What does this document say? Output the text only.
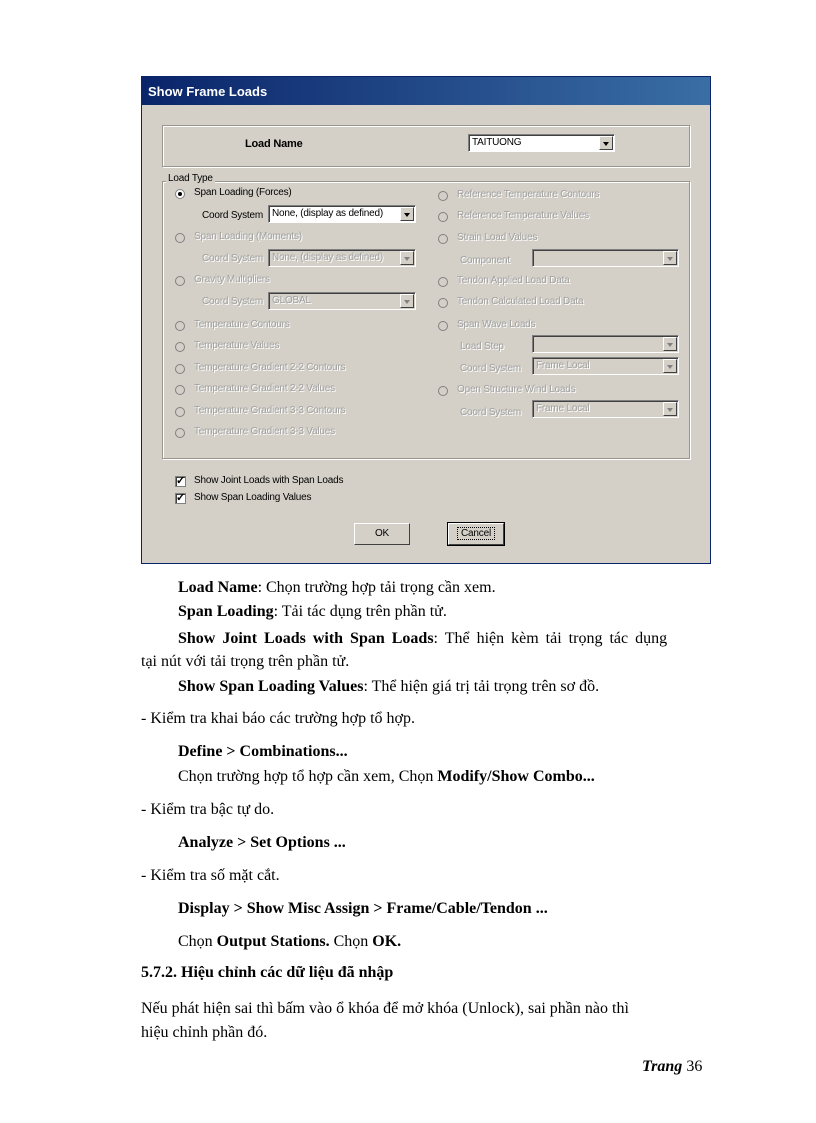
Show Frame Loads
Load Name	TAITUONG
Load Type
Span Loading (Forces)
Coord System None, (display as defined)
Span Loading (Moments)
Coord System None, (display as defined)
Gravity Multipliers
Coord System GLOBAL
Temperature Contours
Temperature Values
Temperature Gradient 2-2 Contours
Temperature Gradient 2-2 Values
Temperature Gradient 3-3 Contours
Temperature Gradient 3-3 Values
Reference Temperature Contours
Reference Temperature Values
Strain Load Values
Component
Tendon Applied Load Data
Tendon Calculated Load Data
Span Wave Loads
Load Step
Coord System Frame Local
Open Structure Wind Loads
Coord System Frame Local
✓
Show Joint Loads with Span Loads
✓
Show Span Loading Values
OK	Cancel
Load Name: Chọn trường hợp tải trọng cần xem.
Span Loading: Tải tác dụng trên phần tử.
Show Joint Loads with Span Loads: Thể hiện kèm tải trọng tác dụng
tại nút với tải trọng trên phần tử.
Show Span Loading Values: Thể hiện giá trị tải trọng trên sơ đồ.
- Kiểm tra khai báo các trường hợp tổ hợp.
Define > Combinations...
Chọn trường hợp tổ hợp cần xem, Chọn Modify/Show Combo...
- Kiểm tra bậc tự do.
Analyze > Set Options ...
- Kiểm tra số mặt cắt.
Display > Show Misc Assign > Frame/Cable/Tendon ...
Chọn Output Stations. Chọn OK.
5.7.2. Hiệu chỉnh các dữ liệu đã nhập
Nếu phát hiện sai thì bấm vào ổ khóa để mở khóa (Unlock), sai phần nào thì
hiệu chỉnh phần đó.
Trang 36
